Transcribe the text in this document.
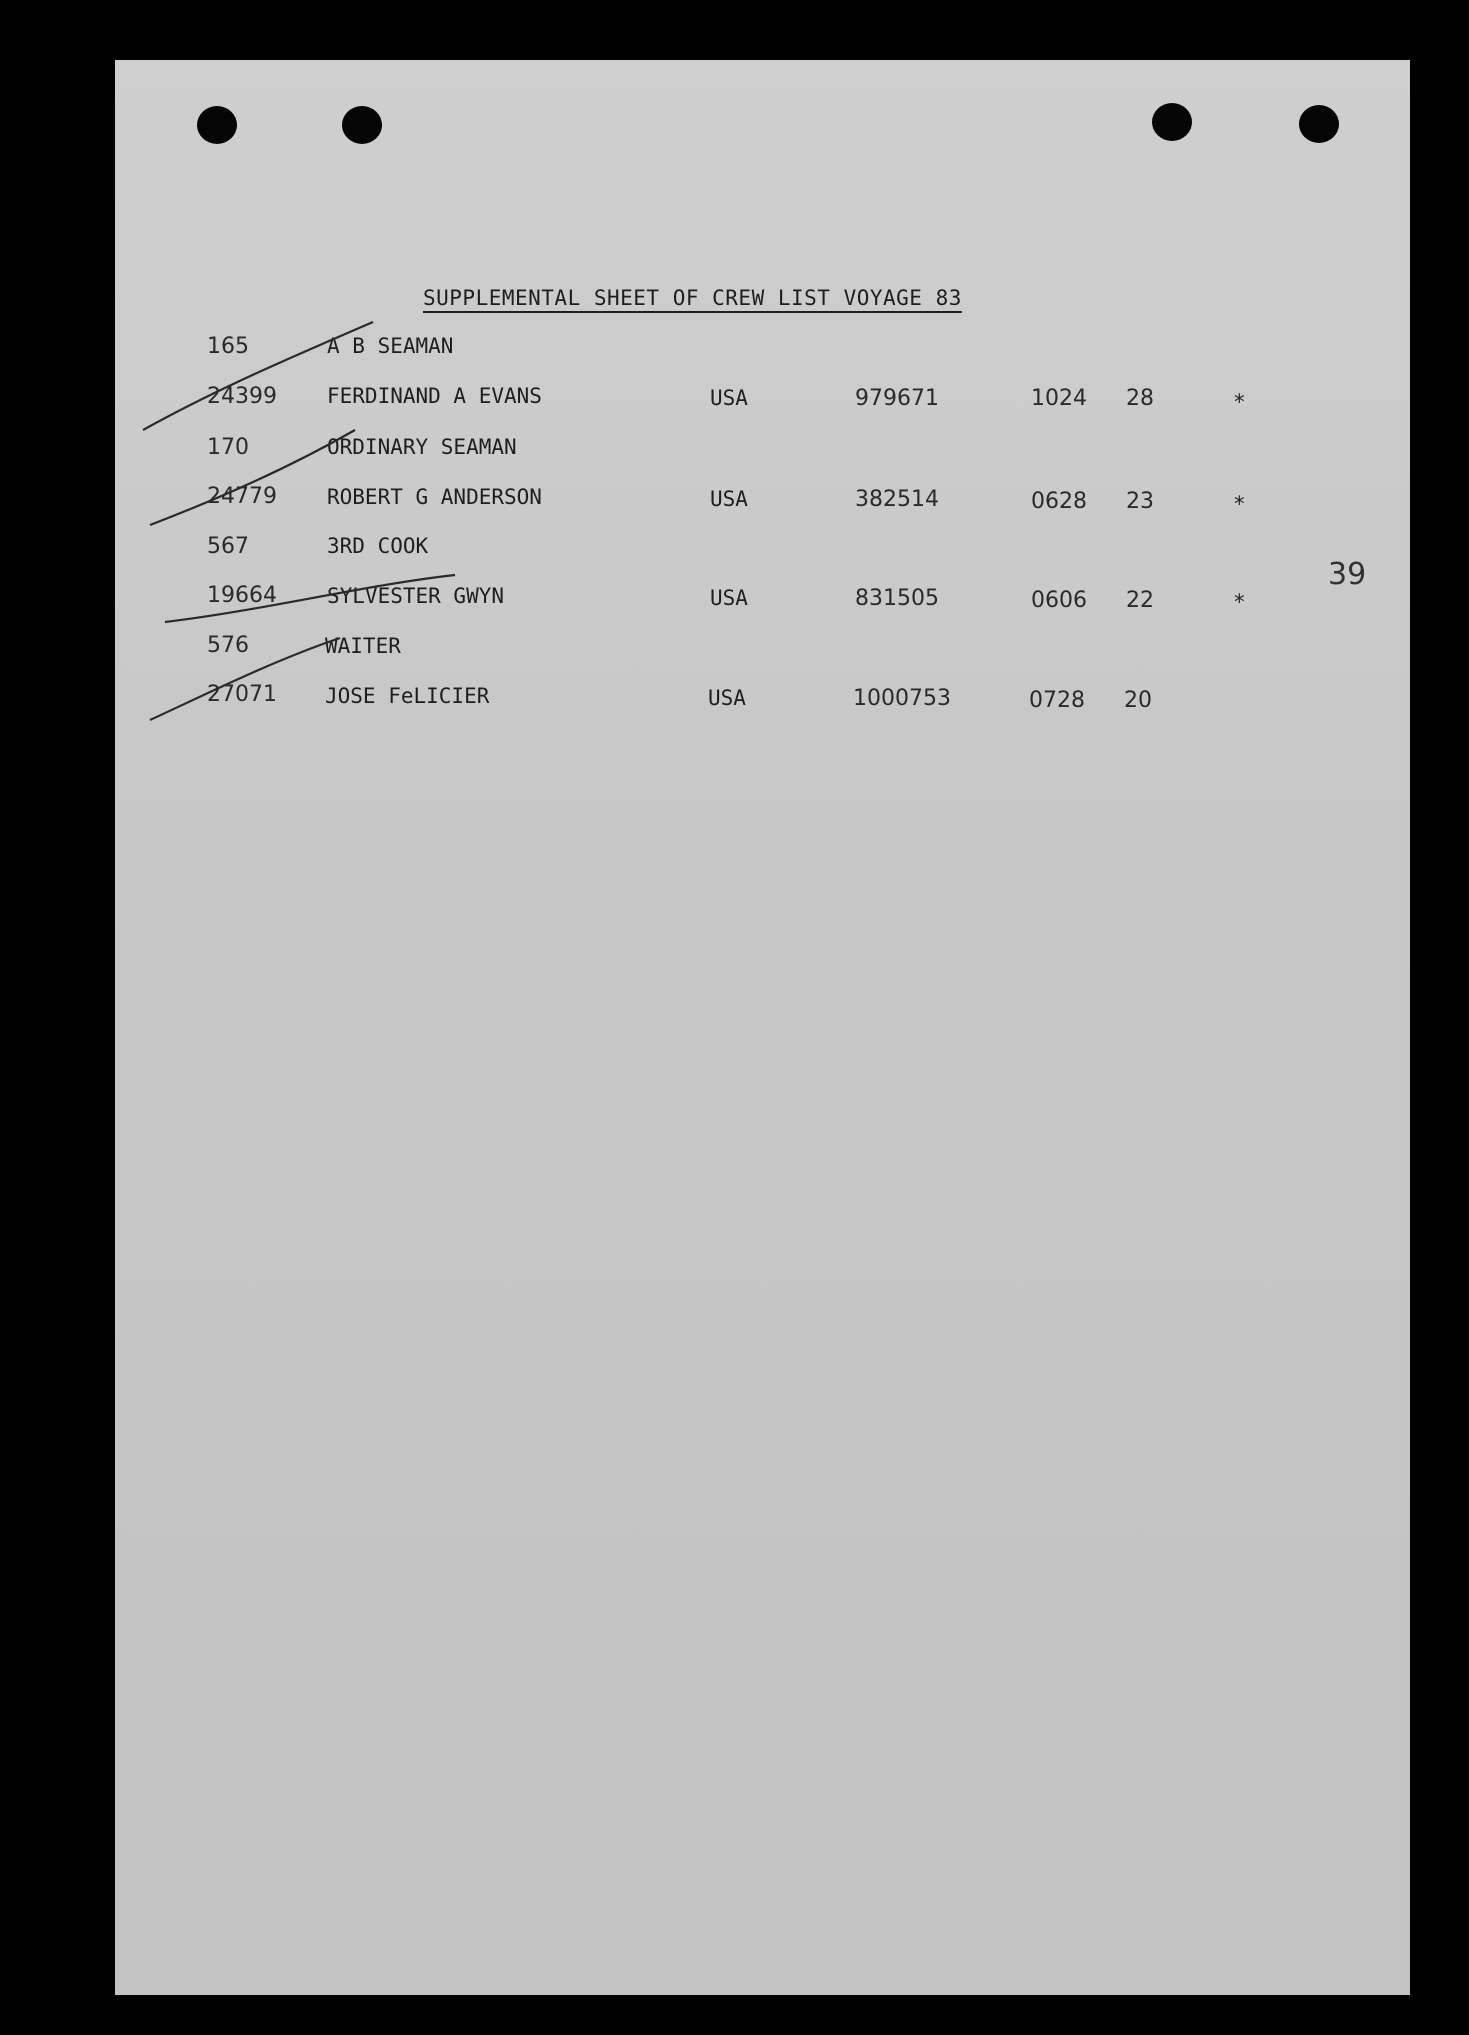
SUPPLEMENTAL SHEET OF CREW LIST VOYAGE 83
165	A B SEAMAN
24399 FERDINAND A EVANS	USA	979671	1024 28	*
170	ORDINARY SEAMAN
24779 ROBERT G ANDERSON	USA	382514	0628 23	*
567	3RD COOK
19664 SYLVESTER GWYN	USA	831505	0606 22	*
576	WAITER
27071 JOSE FeLICIER	USA	1000753	0728 20
39
